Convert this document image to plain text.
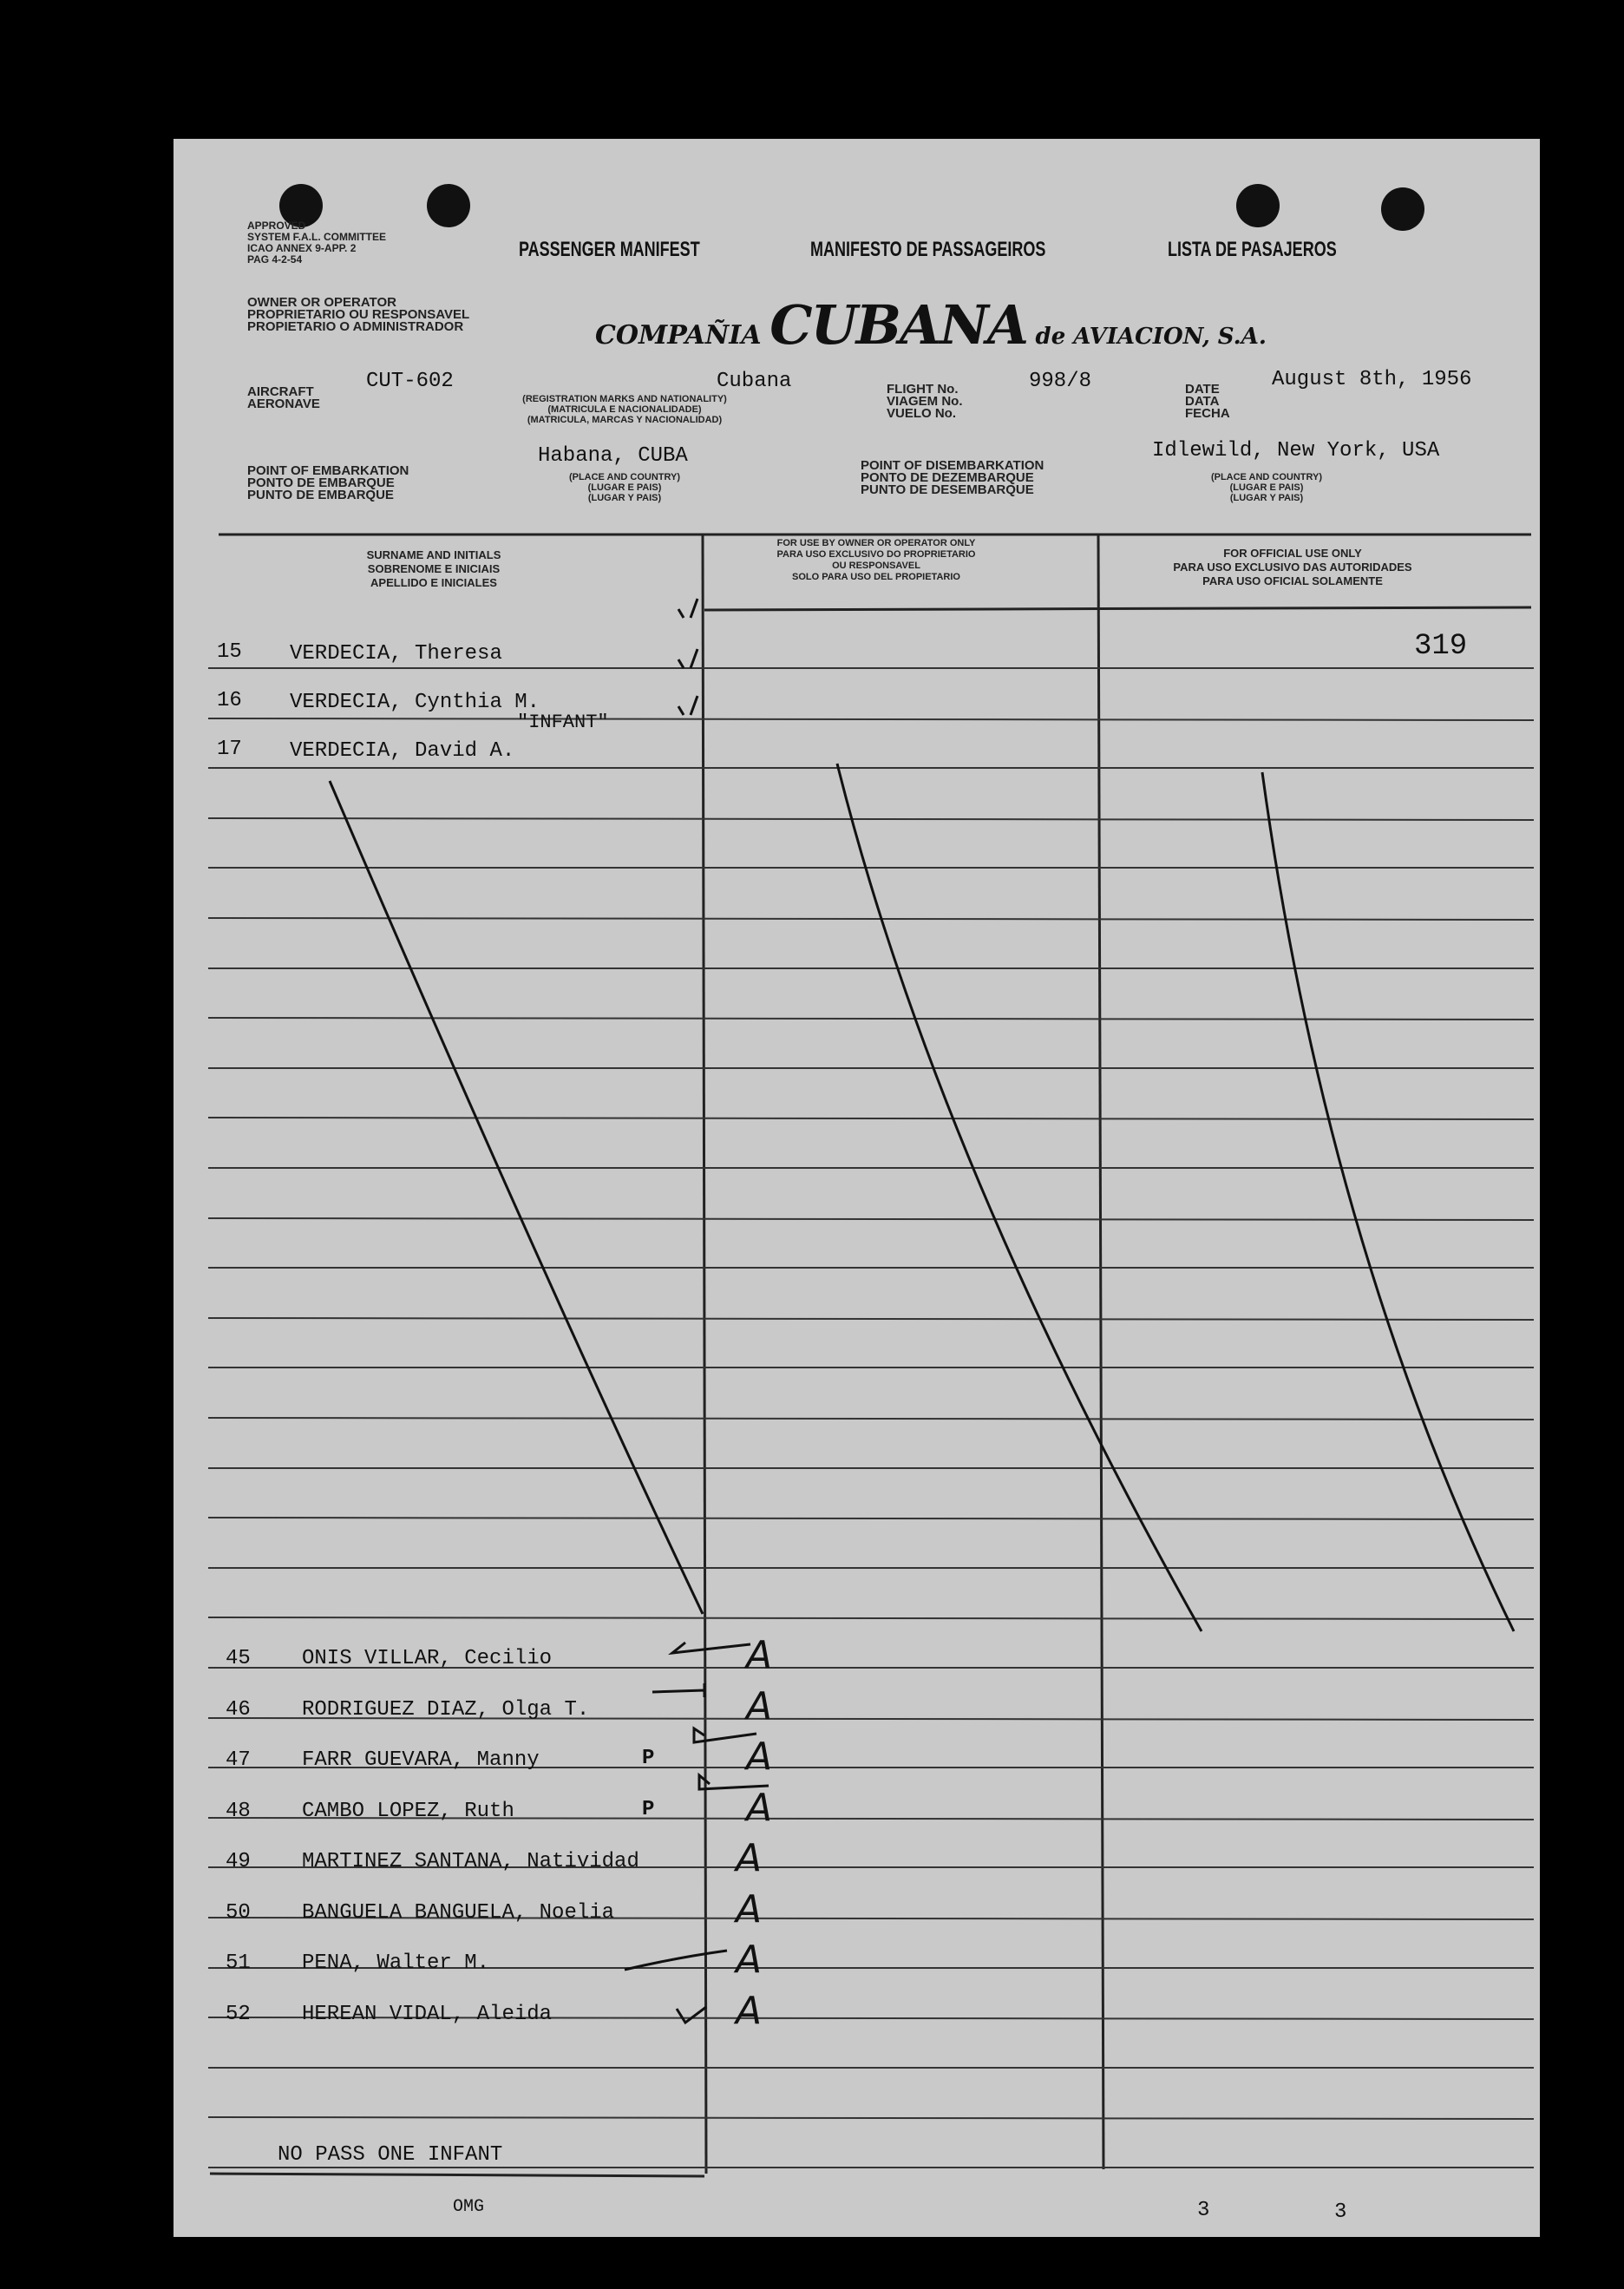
APPROVED
SYSTEM F.A.L. COMMITTEE
ICAO ANNEX 9-APP. 2
PAG 4-2-54	PASSENGER MANIFEST	MANIFESTO DE PASSAGEIROS	LISTA DE PASAJEROS
OWNER OR OPERATOR
PROPRIETARIO OU RESPONSAVEL
PROPIETARIO O ADMINISTRADOR	COMPAÑIA CUBANA de AVIACION, S.A.
AIRCRAFT
AERONAVE
CUT-602	Cubana
(REGISTRATION MARKS AND NATIONALITY)
(MATRICULA E NACIONALIDADE)
(MATRICULA, MARCAS Y NACIONALIDAD)
FLIGHT No.
VIAGEM No.
VUELO No.
998/8	DATE
DATA
FECHA
August 8th, 1956
POINT OF EMBARKATION
PONTO DE EMBARQUE
PUNTO DE EMBARQUE
Habana, CUBA
(PLACE AND COUNTRY)
(LUGAR E PAIS)
(LUGAR Y PAIS)
POINT OF DISEMBARKATION
PONTO DE DEZEMBARQUE
PUNTO DE DESEMBARQUE
Idlewild, New York, USA
(PLACE AND COUNTRY)
(LUGAR E PAIS)
(LUGAR Y PAIS)
SURNAME AND INITIALS
SOBRENOME E INICIAIS
APELLIDO E INICIALES
FOR USE BY OWNER OR OPERATOR ONLY
PARA USO EXCLUSIVO DO PROPRIETARIO
OU RESPONSAVEL
SOLO PARA USO DEL PROPIETARIO
FOR OFFICIAL USE ONLY
PARA USO EXCLUSIVO DAS AUTORIDADES
PARA USO OFICIAL SOLAMENTE
319
15 VERDECIA, Theresa
16 VERDECIA, Cynthia M.
"INFANT"
17 VERDECIA, David A.
45 ONIS VILLAR, Cecilio	A
46 RODRIGUEZ DIAZ, Olga T.	A
47 FARR GUEVARA, Manny	P A
48 CAMBO LOPEZ, Ruth	P A
49 MARTINEZ SANTANA, Natividad	A
50 BANGUELA BANGUELA, Noelia	A
51 PENA, Walter M.	A
52 HEREAN VIDAL, Aleida	A
NO PASS ONE INFANT
OMG	3	3
